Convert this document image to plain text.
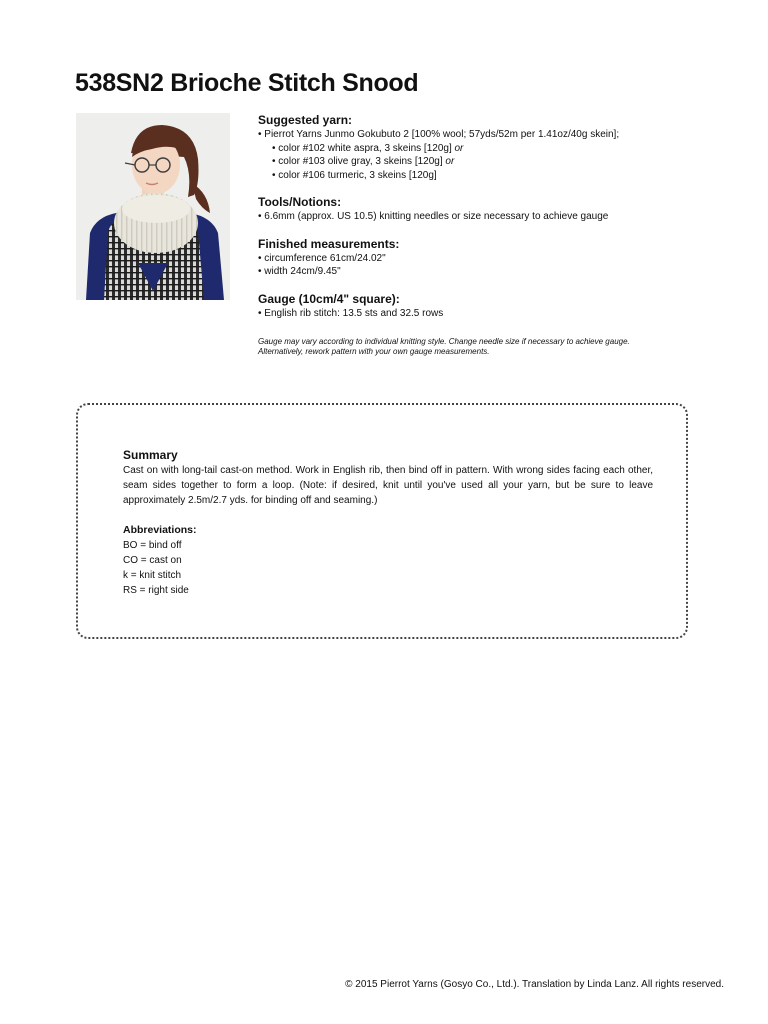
538SN2 Brioche Stitch Snood
Suggested yarn:
• Pierrot Yarns Junmo Gokubuto 2 [100% wool; 57yds/52m per 1.41oz/40g skein];
• color #102 white aspra, 3 skeins [120g] or
• color #103 olive gray, 3 skeins [120g] or
• color #106 turmeric, 3 skeins [120g]
Tools/Notions:
• 6.6mm (approx. US 10.5) knitting needles or size necessary to achieve gauge
Finished measurements:
• circumference 61cm/24.02"
• width 24cm/9.45"
Gauge (10cm/4" square):
• English rib stitch: 13.5 sts and 32.5 rows
Gauge may vary according to individual knitting style. Change needle size if necessary to achieve gauge.
Alternatively, rework pattern with your own gauge measurements.
Summary
Cast on with long-tail cast-on method. Work in English rib, then bind off in pattern. With wrong sides facing each other, seam sides together to form a loop. (Note: if desired, knit until you've used all your yarn, but be sure to leave approximately 2.5m/2.7 yds. for binding off and seaming.)
Abbreviations:
BO = bind off
CO = cast on
k = knit stitch
RS = right side
© 2015 Pierrot Yarns (Gosyo Co., Ltd.). Translation by Linda Lanz. All rights reserved.
